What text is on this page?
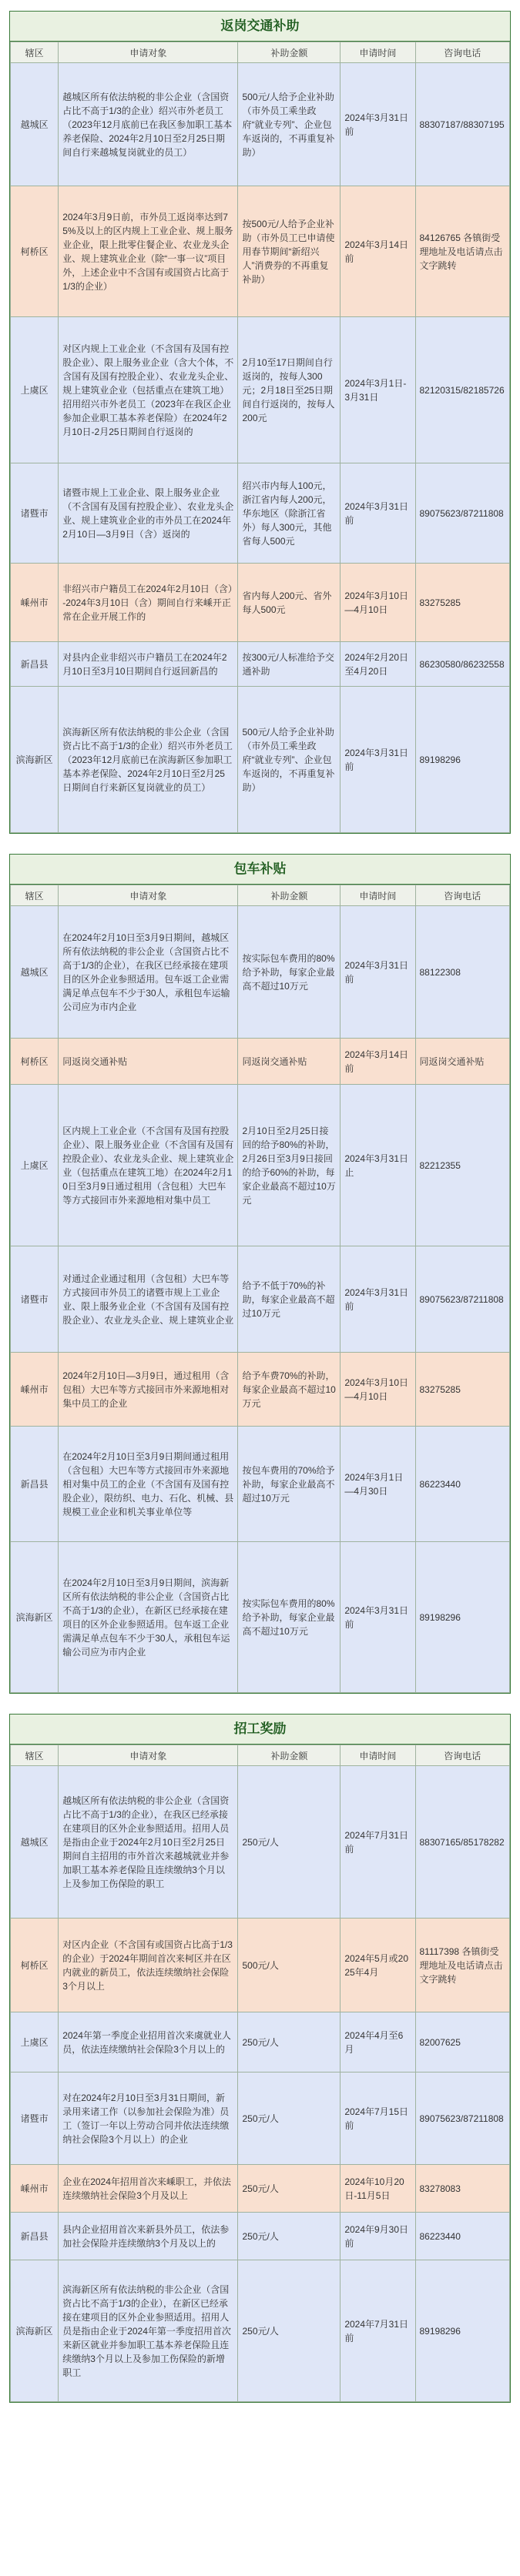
返岗交通补助
辖区	申请对象	补助金额	申请时间	咨询电话
越城区	越城区所有依法纳税的非公企业（含国资占比不高于1/3的企业）绍兴市外老员工（2023年12月底前已在我区参加职工基本养老保险、2024年2月10日至2月25日期间自行来越城复岗就业的员工）	500元/人给予企业补助（市外员工乘坐政府“就业专列”、企业包车返岗的，不再重复补助）	2024年3月31日前	88307187/88307195
柯桥区	2024年3月9日前，市外员工返岗率达到75%及以上的区内规上工业企业、规上服务业企业，限上批零住餐企业、农业龙头企业、规上建筑业企业（除“一事一议”项目外，上述企业中不含国有或国资占比高于1/3的企业）	按500元/人给予企业补助（市外员工已申请使用春节期间“新绍兴人”消费券的不再重复补助）	2024年3月14日前	84126765 各镇街受理地址及电话请点击文字跳转
上虞区	对区内规上工业企业（不含国有及国有控股企业）、限上服务业企业（含大个体，不含国有及国有控股企业）、农业龙头企业、规上建筑业企业（包括重点在建筑工地）招用绍兴市外老员工（2023年在我区企业参加企业职工基本养老保险）在2024年2月10日-2月25日期间自行返岗的	2月10至17日期间自行返岗的，按每人300元；2月18日至25日期间自行返岗的，按每人200元	2024年3月1日-3月31日	82120315/82185726
诸暨市	诸暨市规上工业企业、限上服务业企业（不含国有及国有控股企业）、农业龙头企业、规上建筑业企业的市外员工在2024年2月10日—3月9日（含）返岗的	绍兴市内每人100元，浙江省内每人200元，华东地区（除浙江省外）每人300元，其他省每人500元	2024年3月31日前	89075623/87211808
嵊州市	非绍兴市户籍员工在2024年2月10日（含）-2024年3月10日（含）期间自行来嵊开正常在企业开展工作的	省内每人200元、省外每人500元	2024年3月10日—4月10日	83275285
新昌县	对县内企业非绍兴市户籍员工在2024年2月10日至3月10日期间自行返回新昌的	按300元/人标准给予交通补助	2024年2月20日至4月20日	86230580/86232558
滨海新区	滨海新区所有依法纳税的非公企业（含国资占比不高于1/3的企业）绍兴市外老员工（2023年12月底前已在滨海新区参加职工基本养老保险、2024年2月10日至2月25日期间自行来新区复岗就业的员工）	500元/人给予企业补助（市外员工乘坐政府“就业专列”、企业包车返岗的，不再重复补助）	2024年3月31日前	89198296
包车补贴
辖区	申请对象	补助金额	申请时间	咨询电话
越城区	在2024年2月10日至3月9日期间，越城区所有依法纳税的非公企业（含国资占比不高于1/3的企业），在我区已经承接在建项目的区外企业参照适用。包车返工企业需满足单点包车不少于30人，承租包车运输公司应为市内企业	按实际包车费用的80%给予补助，每家企业最高不超过10万元	2024年3月31日前	88122308
柯桥区	同返岗交通补贴	同返岗交通补贴	2024年3月14日前	同返岗交通补贴
上虞区	区内规上工业企业（不含国有及国有控股企业）、限上服务业企业（不含国有及国有控股企业）、农业龙头企业、规上建筑业企业（包括重点在建筑工地）在2024年2月10日至3月9日通过租用（含包租）大巴车等方式接回市外来源地相对集中员工	2月10日至2月25日接回的给予80%的补助，2月26日至3月9日接回的给予60%的补助，每家企业最高不超过10万元	2024年3月31日止	82212355
诸暨市	对通过企业通过租用（含包租）大巴车等方式接回市外员工的诸暨市规上工业企业、限上服务业企业（不含国有及国有控股企业）、农业龙头企业、规上建筑业企业	给予不低于70%的补助，每家企业最高不超过10万元	2024年3月31日前	89075623/87211808
嵊州市	2024年2月10日—3月9日，通过租用（含包租）大巴车等方式接回市外来源地相对集中员工的企业	给予车费70%的补助，每家企业最高不超过10万元	2024年3月10日—4月10日	83275285
新昌县	在2024年2月10日至3月9日期间通过租用（含包租）大巴车等方式接回市外来源地相对集中员工的企业（不含国有及国有控股企业），限纺织、电力、石化、机械、县规模工业企业和机关事业单位等	按包车费用的70%给予补助，每家企业最高不超过10万元	2024年3月1日—4月30日	86223440
滨海新区	在2024年2月10日至3月9日期间，滨海新区所有依法纳税的非公企业（含国资占比不高于1/3的企业），在新区已经承接在建项目的区外企业参照适用。包车返工企业需满足单点包车不少于30人，承租包车运输公司应为市内企业	按实际包车费用的80%给予补助，每家企业最高不超过10万元	2024年3月31日前	89198296
招工奖励
辖区	申请对象	补助金额	申请时间	咨询电话
越城区	越城区所有依法纳税的非公企业（含国资占比不高于1/3的企业），在我区已经承接在建项目的区外企业参照适用。招用人员是指由企业于2024年2月10日至2月25日期间自主招用的市外首次来越城就业并参加职工基本养老保险且连续缴纳3个月以上及参加工伤保险的职工	250元/人	2024年7月31日前	88307165/85178282
柯桥区	对区内企业（不含国有或国资占比高于1/3的企业）于2024年期间首次来柯区并在区内就业的新员工，依法连续缴纳社会保险3个月以上	500元/人	2024年5月或2025年4月	81117398 各镇街受理地址及电话请点击文字跳转
上虞区	2024年第一季度企业招用首次来虞就业人员，依法连续缴纳社会保险3个月以上的	250元/人	2024年4月至6月	82007625
诸暨市	对在2024年2月10日至3月31日期间，新录用来诸工作（以参加社会保险为准）员工（签订一年以上劳动合同并依法连续缴纳社会保险3个月以上）的企业	250元/人	2024年7月15日前	89075623/87211808
嵊州市	企业在2024年招用首次来嵊职工，并依法连续缴纳社会保险3个月及以上	250元/人	2024年10月20日-11月5日	83278083
新昌县	县内企业招用首次来新县外员工，依法参加社会保险并连续缴纳3个月及以上的	250元/人	2024年9月30日前	86223440
滨海新区	滨海新区所有依法纳税的非公企业（含国资占比不高于1/3的企业），在新区已经承接在建项目的区外企业参照适用。招用人员是指由企业于2024年第一季度招用首次来新区就业并参加职工基本养老保险且连续缴纳3个月以上及参加工伤保险的新增职工	250元/人	2024年7月31日前	89198296
